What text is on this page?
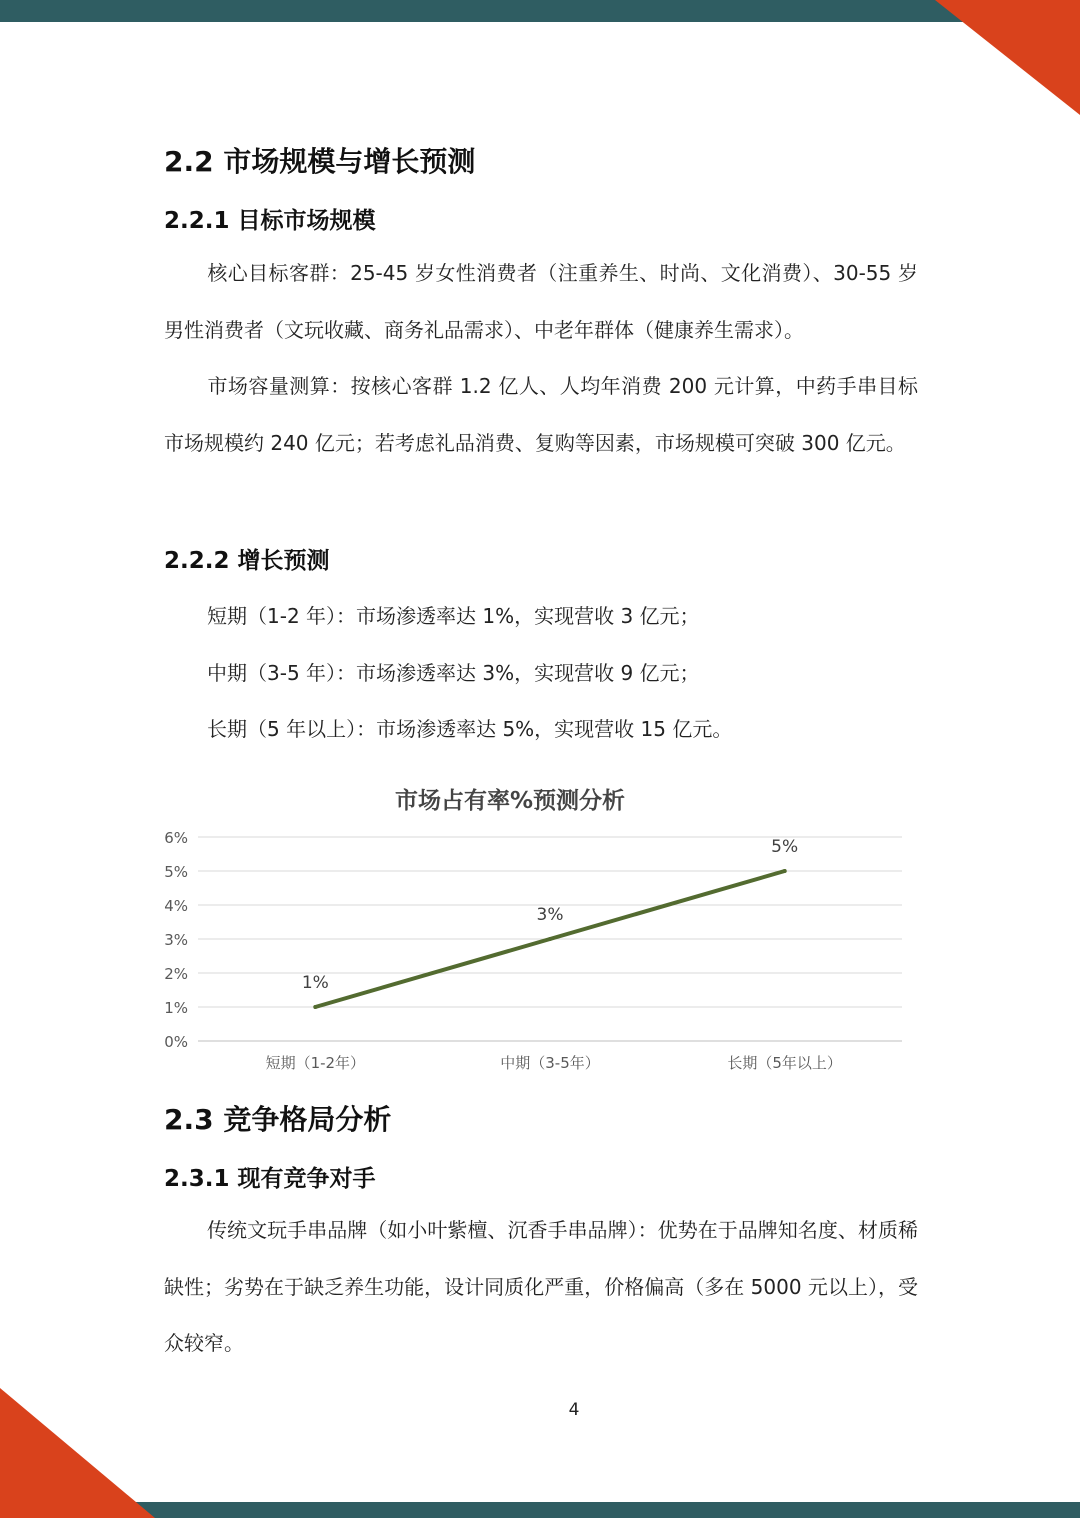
2.2 市场规模与增长预测
2.2.1 目标市场规模
核心目标客群：25-45 岁女性消费者（注重养生、时尚、文化消费）、30-55 岁男性消费者（文玩收藏、商务礼品需求）、中老年群体（健康养生需求）。
市场容量测算：按核心客群 1.2 亿人、人均年消费 200 元计算，中药手串目标市场规模约 240 亿元；若考虑礼品消费、复购等因素，市场规模可突破 300 亿元。
2.2.2 增长预测
短期（1-2 年）：市场渗透率达 1%，实现营收 3 亿元；
中期（3-5 年）：市场渗透率达 3%，实现营收 9 亿元；
长期（5 年以上）：市场渗透率达 5%，实现营收 15 亿元。
2.3 竞争格局分析
2.3.1 现有竞争对手
传统文玩手串品牌（如小叶紫檀、沉香手串品牌）：优势在于品牌知名度、材质稀缺性；劣势在于缺乏养生功能，设计同质化严重，价格偏高（多在 5000 元以上），受众较窄。
市场占有率%预测分析
0%
1%
2%
3%
4%
5%
6%
短期（1-2年）	中期（3-5年）	长期（5年以上）
1%
3%
5%
4
